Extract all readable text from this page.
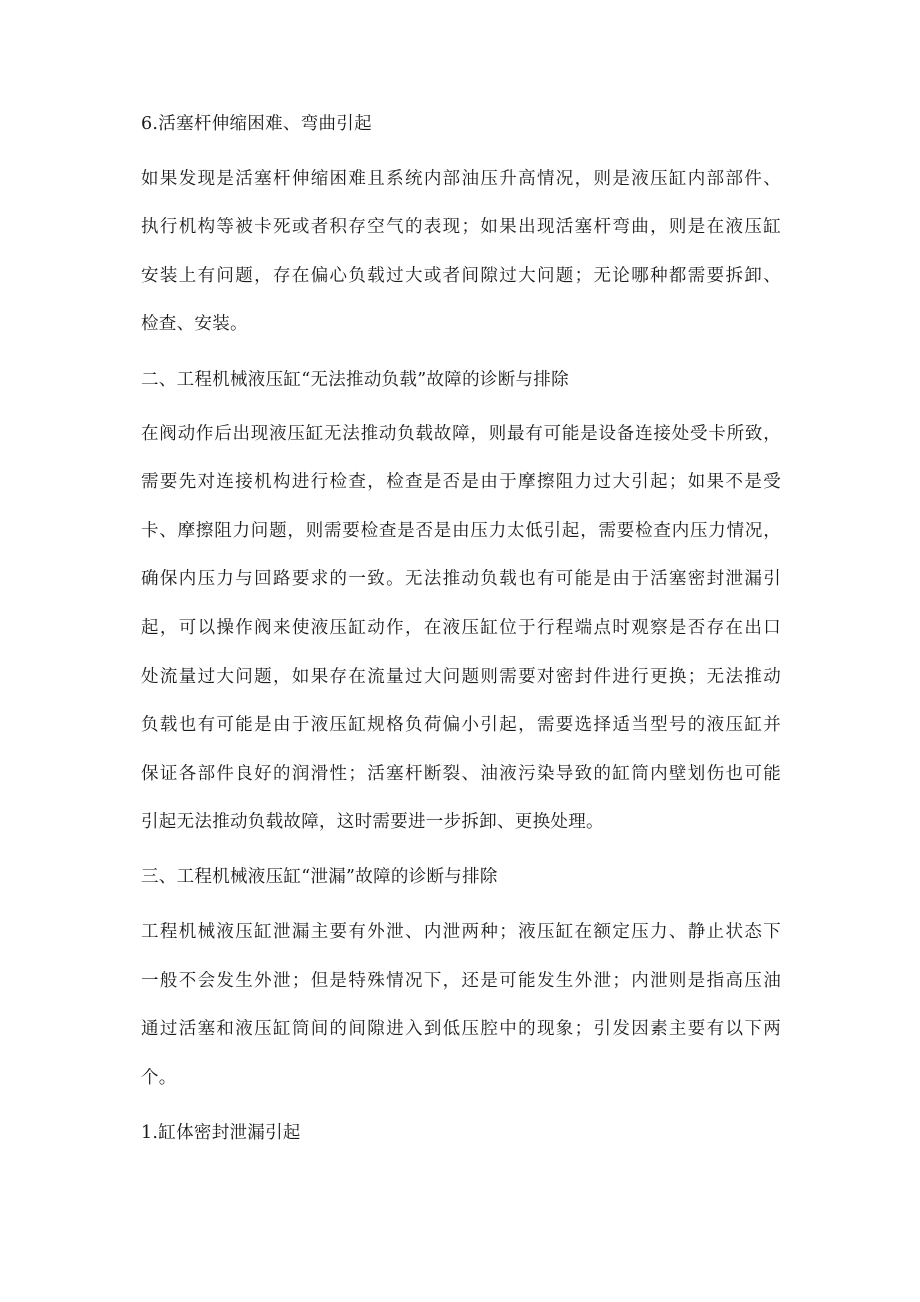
6.活塞杆伸缩困难、弯曲引起
如果发现是活塞杆伸缩困难且系统内部油压升高情况，则是液压缸内部部件、
执行机构等被卡死或者积存空气的表现；如果出现活塞杆弯曲，则是在液压缸
安装上有问题，存在偏心负载过大或者间隙过大问题；无论哪种都需要拆卸、
检查、安装。
二、工程机械液压缸“无法推动负载”故障的诊断与排除
在阀动作后出现液压缸无法推动负载故障，则最有可能是设备连接处受卡所致，
需要先对连接机构进行检查，检查是否是由于摩擦阻力过大引起；如果不是受
卡、摩擦阻力问题，则需要检查是否是由压力太低引起，需要检查内压力情况，
确保内压力与回路要求的一致。无法推动负载也有可能是由于活塞密封泄漏引
起，可以操作阀来使液压缸动作，在液压缸位于行程端点时观察是否存在出口
处流量过大问题，如果存在流量过大问题则需要对密封件进行更换；无法推动
负载也有可能是由于液压缸规格负荷偏小引起，需要选择适当型号的液压缸并
保证各部件良好的润滑性；活塞杆断裂、油液污染导致的缸筒内壁划伤也可能
引起无法推动负载故障，这时需要进一步拆卸、更换处理。
三、工程机械液压缸“泄漏”故障的诊断与排除
工程机械液压缸泄漏主要有外泄、内泄两种；液压缸在额定压力、静止状态下
一般不会发生外泄；但是特殊情况下，还是可能发生外泄；内泄则是指高压油
通过活塞和液压缸筒间的间隙进入到低压腔中的现象；引发因素主要有以下两
个。
1.缸体密封泄漏引起
